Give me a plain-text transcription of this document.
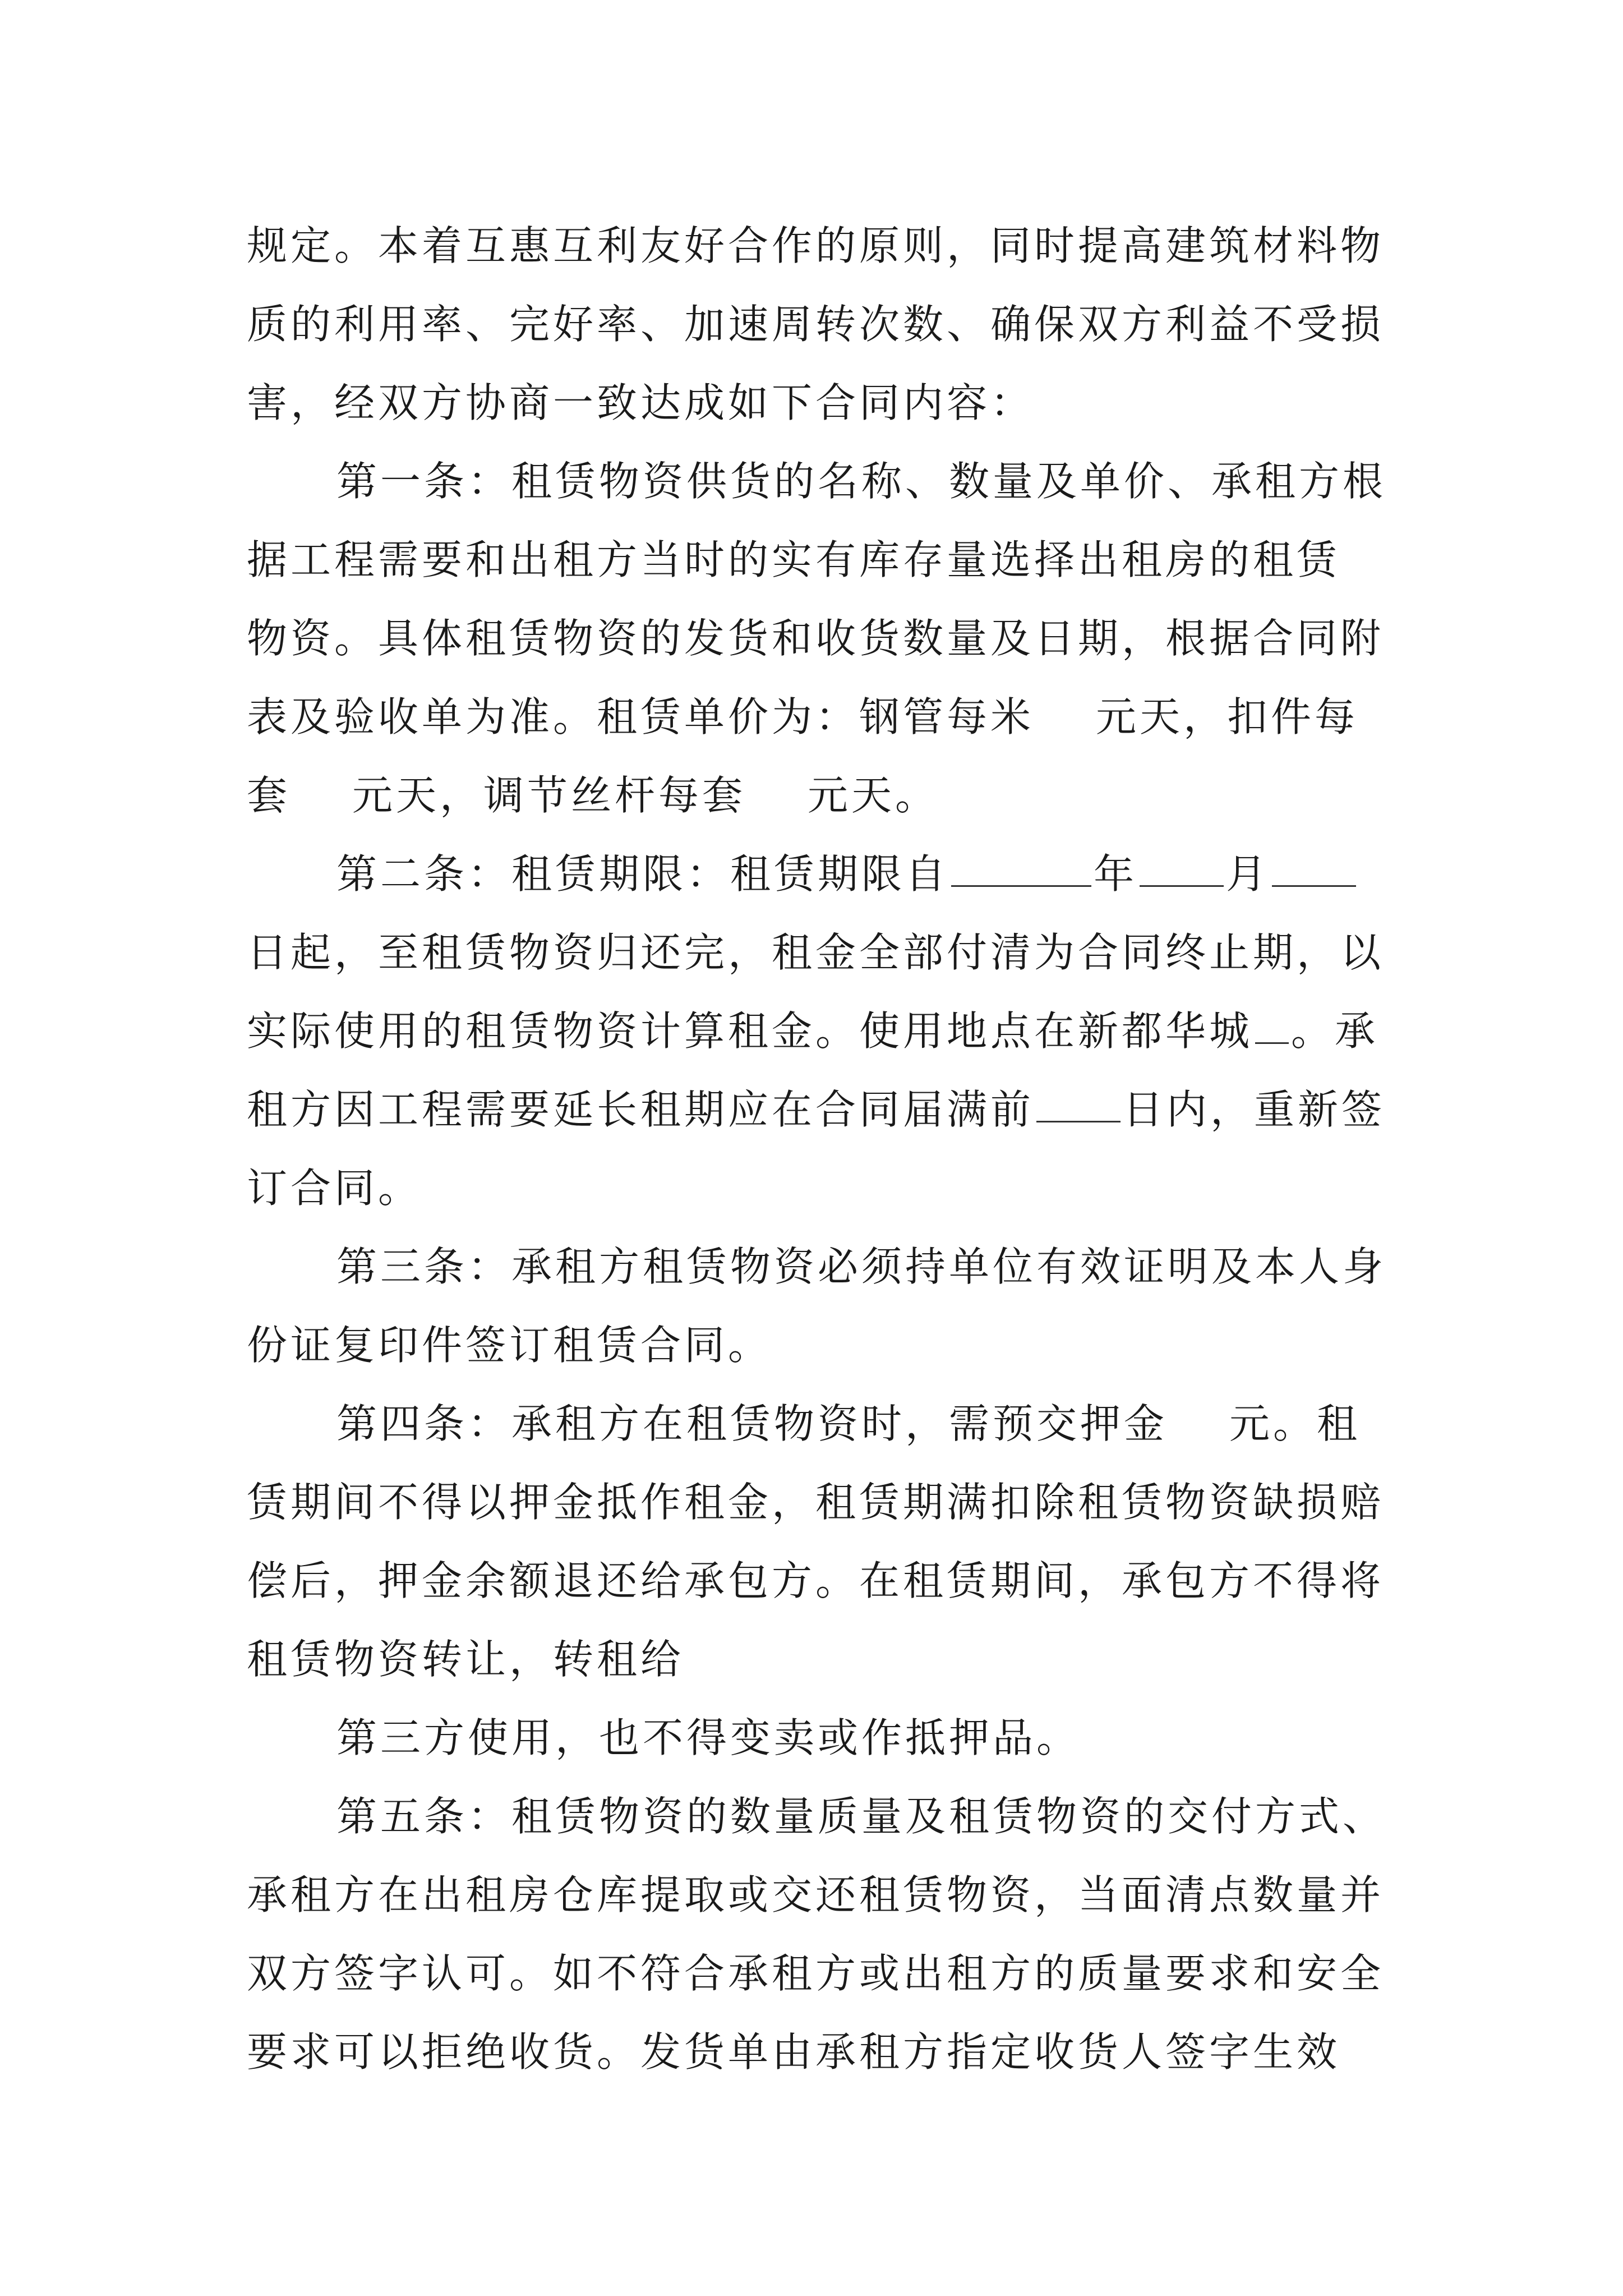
规定。本着互惠互利友好合作的原则，同时提高建筑材料物
质的利用率、完好率、加速周转次数、确保双方利益不受损
害，经双方协商一致达成如下合同内容：
第一条：租赁物资供货的名称、数量及单价、承租方根
据工程需要和出租方当时的实有库存量选择出租房的租赁
物资。具体租赁物资的发货和收货数量及日期，根据合同附
表及验收单为准。租赁单价为：钢管每米 元天，扣件每
套 元天，调节丝杆每套 元天。
第二条：租赁期限：租赁期限自	年 月
日起，至租赁物资归还完，租金全部付清为合同终止期，以
实际使用的租赁物资计算租金。使用地点在新都华城 。承
租方因工程需要延长租期应在合同届满前 日内，重新签
订合同。
第三条：承租方租赁物资必须持单位有效证明及本人身
份证复印件签订租赁合同。
第四条：承租方在租赁物资时，需预交押金 元。租
赁期间不得以押金抵作租金，租赁期满扣除租赁物资缺损赔
偿后，押金余额退还给承包方。在租赁期间，承包方不得将
租赁物资转让，转租给
第三方使用，也不得变卖或作抵押品。
第五条：租赁物资的数量质量及租赁物资的交付方式、
承租方在出租房仓库提取或交还租赁物资，当面清点数量并
双方签字认可。如不符合承租方或出租方的质量要求和安全
要求可以拒绝收货。发货单由承租方指定收货人签字生效
